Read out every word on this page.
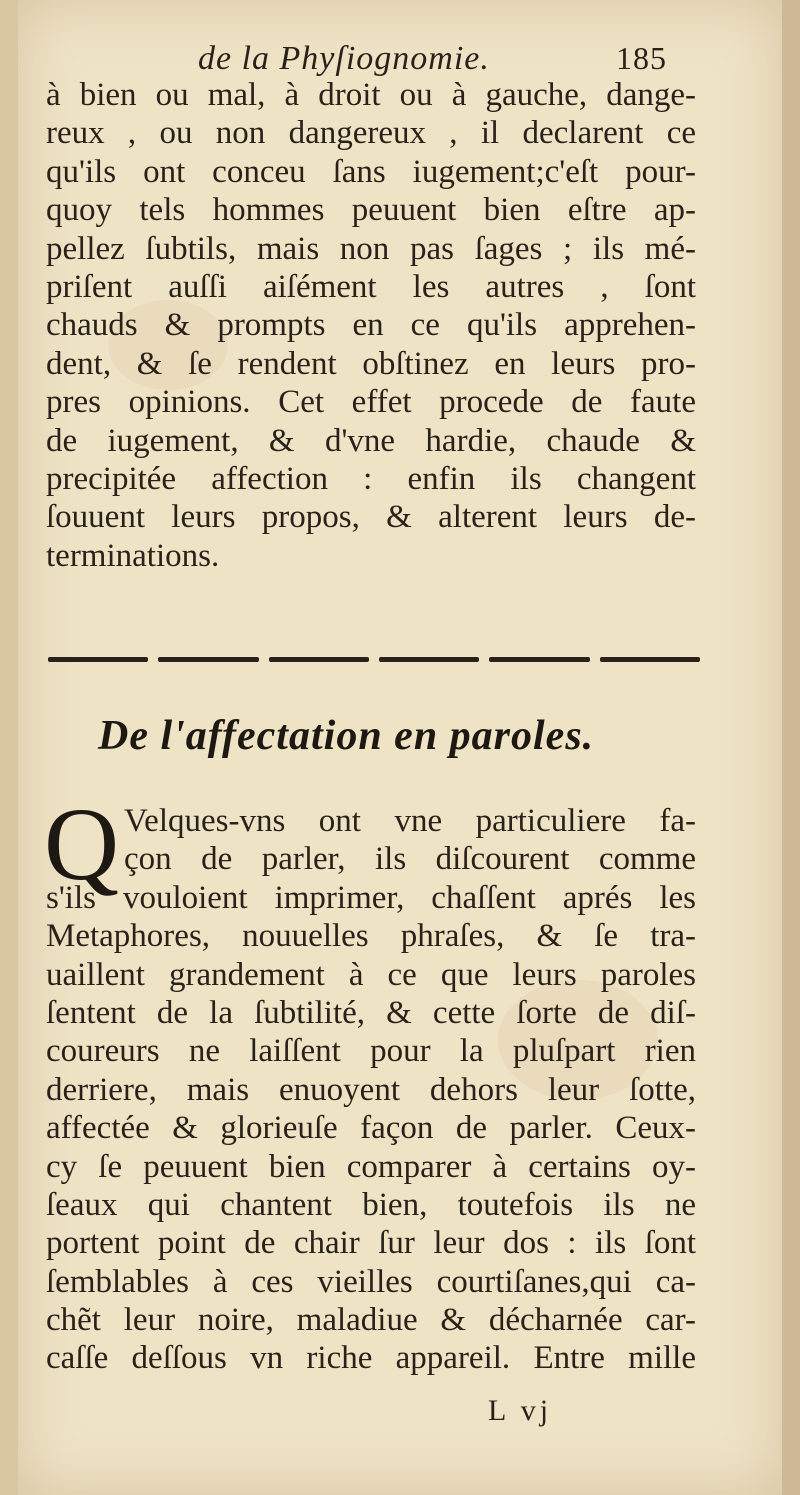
de la Phyſiognomie.	185
à bien ou mal, à droit ou à gauche, dange-
reux , ou non dangereux , il declarent ce
qu'ils ont conceu ſans iugement;c'eſt pour-
quoy tels hommes peuuent bien eſtre ap-
pellez ſubtils, mais non pas ſages ; ils mé-
priſent auſſi aiſément les autres , ſont
chauds & prompts en ce qu'ils apprehen-
dent, & ſe rendent obſtinez en leurs pro-
pres opinions. Cet effet procede de faute
de iugement, & d'vne hardie, chaude &
precipitée affection : enfin ils changent
ſouuent leurs propos, & alterent leurs de-
terminations.
De l'affectation en paroles.
Q Velques-vns ont vne particuliere fa-
çon de parler, ils diſcourent comme
s'ils vouloient imprimer, chaſſent aprés les
Metaphores, nouuelles phraſes, & ſe tra-
uaillent grandement à ce que leurs paroles
ſentent de la ſubtilité, & cette ſorte de diſ-
coureurs ne laiſſent pour la pluſpart rien
derriere, mais enuoyent dehors leur ſotte,
affectée & glorieuſe façon de parler. Ceux-
cy ſe peuuent bien comparer à certains oy-
ſeaux qui chantent bien, toutefois ils ne
portent point de chair ſur leur dos : ils ſont
ſemblables à ces vieilles courtiſanes,qui ca-
chẽt leur noire, maladiue & décharnée car-
caſſe deſſous vn riche appareil. Entre mille
L vj
